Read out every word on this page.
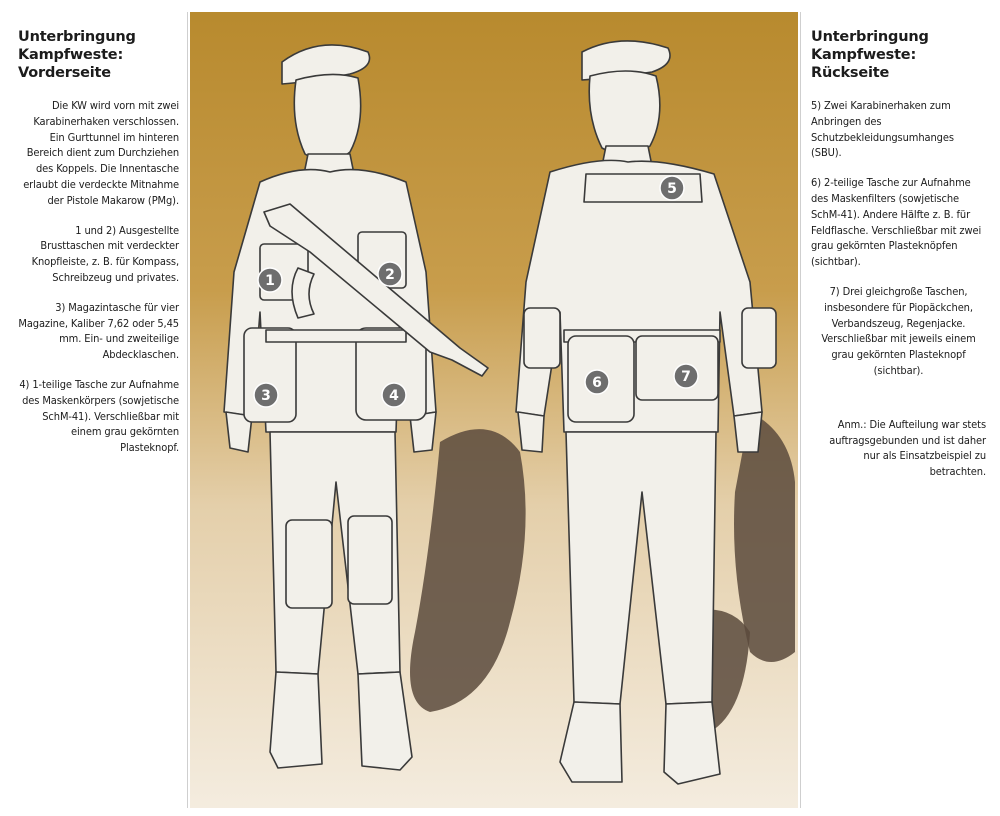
Unterbringung Kampfweste: Vorderseite
Die KW wird vorn mit zwei Karabinerhaken verschlossen. Ein Gurttunnel im hinteren Bereich dient zum Durchziehen des Koppels. Die Innentasche erlaubt die verdeckte Mitnahme der Pistole Makarow (PMg).
1 und 2) Ausgestellte Brusttaschen mit verdeckter Knopfleiste, z. B. für Kompass, Schreibzeug und privates.
3) Magazintasche für vier Magazine, Kaliber 7,62 oder 5,45 mm. Ein- und zweiteilige Abdecklaschen.
4) 1-teilige Tasche zur Aufnahme des Maskenkörpers (sowjetische SchM-41). Verschließbar mit einem grau gekörnten Plasteknopf.
1	2
3	4
5
6	7
Unterbringung Kampfweste: Rückseite
5) Zwei Karabinerhaken zum Anbringen des Schutzbekleidungsumhanges (SBU).
6) 2-teilige Tasche zur Aufnahme des Maskenfilters (sowjetische SchM-41). Andere Hälfte z. B. für Feldflasche. Verschließbar mit zwei grau gekörnten Plasteknöpfen (sichtbar).
7) Drei gleichgroße Taschen, insbesondere für Piopäckchen, Verbandszeug, Regenjacke. Verschließbar mit jeweils einem grau gekörnten Plasteknopf (sichtbar).
Anm.: Die Aufteilung war stets auftragsgebunden und ist daher nur als Einsatzbeispiel zu betrachten.
